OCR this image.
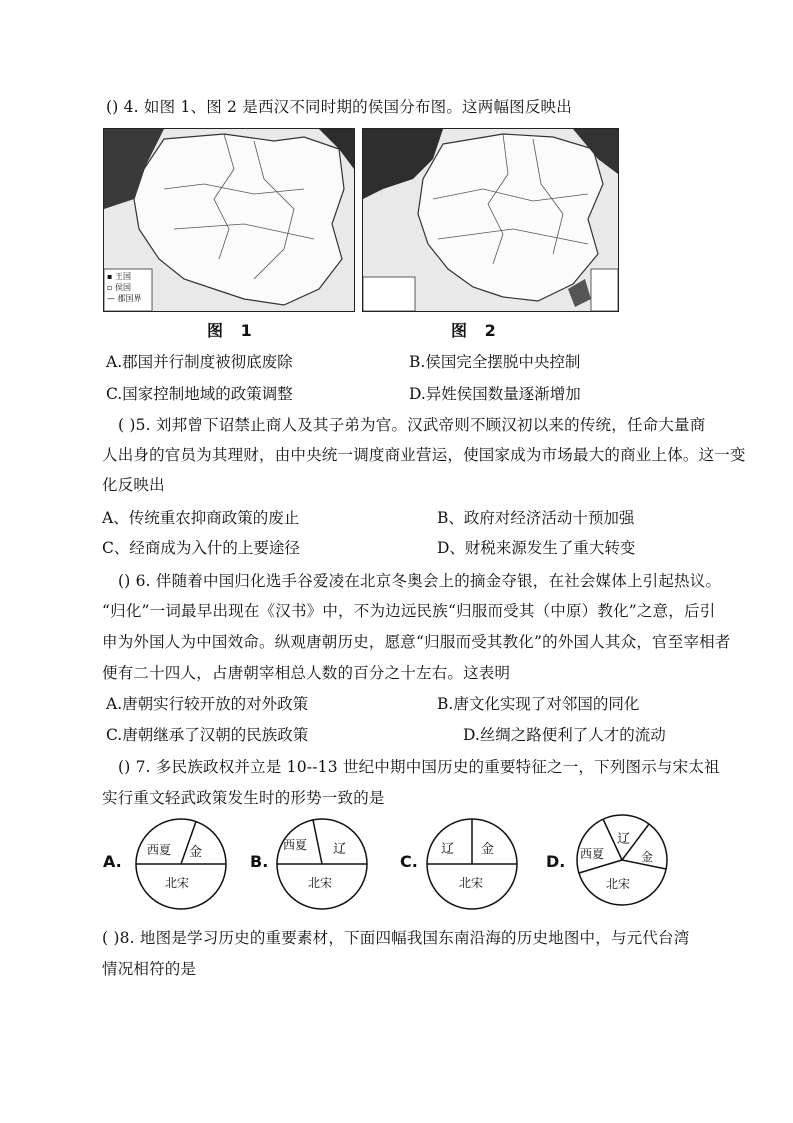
() 4. 如图 1、图 2 是西汉不同时期的侯国分布图。这两幅图反映出
▪ 王国
▫ 侯国
— 郡国界
图 1	图 2
A.郡国并行制度被彻底废除	B.侯国完全摆脱中央控制
C.国家控制地域的政策调整	D.异姓侯国数量逐渐增加
( )5. 刘邦曾下诏禁止商人及其子弟为官。汉武帝则不顾汉初以来的传统，任命大量商
人出身的官员为其理财，由中央统一调度商业营运，使国家成为市场最大的商业上体。这一变
化反映出
A、传统重农抑商政策的废止	B、政府对经济活动十预加强
C、经商成为入什的上要途径	D、财税来源发生了重大转变
() 6. 伴随着中国归化选手谷爱凌在北京冬奥会上的摘金夺银，在社会媒体上引起热议。
“归化”一词最早出现在《汉书》中，不为边远民族“归服而受其（中原）教化”之意，后引
申为外国人为中国效命。纵观唐朝历史，愿意“归服而受其教化”的外国人其众，官至宰相者
便有二十四人，占唐朝宰相总人数的百分之十左右。这表明
A.唐朝实行较开放的对外政策	B.唐文化实现了对邻国的同化
C.唐朝继承了汉朝的民族政策	D.丝绸之路便利了人才的流动
() 7. 多民族政权并立是 10--13 世纪中期中国历史的重要特征之一，下列图示与宋太祖
实行重文轻武政策发生时的形势一致的是
A.
西夏 金
北宋
B.
西夏 辽
北宋
C.
辽 金
北宋
D. 西夏
辽
金
北宋
( )8. 地图是学习历史的重要素材，下面四幅我国东南沿海的历史地图中，与元代台湾
情况相符的是
